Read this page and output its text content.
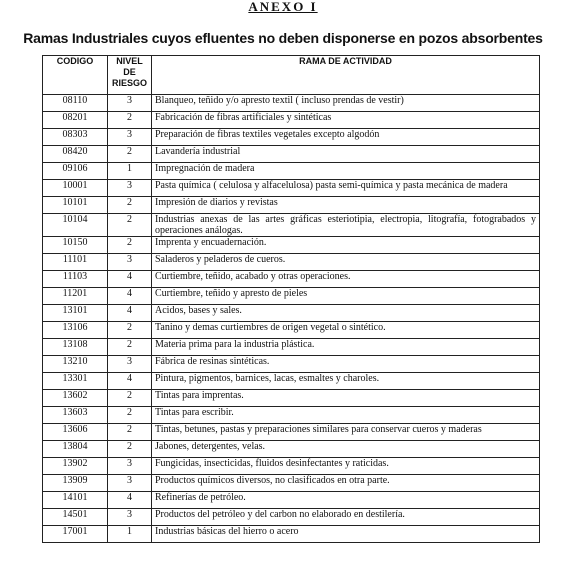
ANEXO I
Ramas Industriales cuyos efluentes no deben disponerse en pozos absorbentes
CODIGO	NIVEL DE RIESGO	RAMA DE ACTIVIDAD
08110	3	Blanqueo, teñido y/o apresto textil ( incluso prendas de vestir)
08201	2	Fabricación de fibras artificiales y sintéticas
08303	3	Preparación de fibras textiles vegetales excepto algodón
08420	2	Lavandería industrial
09106	1	Impregnación de madera
10001	3	Pasta química ( celulosa y alfacelulosa) pasta semi-química y pasta mecánica de madera
10101	2	Impresión de diarios y revistas
10104	2	Industrias anexas de las artes gráficas esteriotipia, electropia, litografía, fotograbados y operaciones análogas.
10150	2	Imprenta y encuadernación.
11101	3	Saladeros y peladeros de cueros.
11103	4	Curtiembre, teñido, acabado y otras operaciones.
11201	4	Curtiembre, teñido y apresto de pieles
13101	4	Acidos, bases y sales.
13106	2	Tanino y demas curtiembres de origen vegetal o sintético.
13108	2	Materia prima para la industria plástica.
13210	3	Fábrica de resinas sintéticas.
13301	4	Pintura, pigmentos, barnices, lacas, esmaltes y charoles.
13602	2	Tintas para imprentas.
13603	2	Tintas para escribir.
13606	2	Tintas, betunes, pastas y preparaciones similares para conservar cueros y maderas
13804	2	Jabones, detergentes, velas.
13902	3	Fungicidas, insecticidas, fluidos desinfectantes y raticidas.
13909	3	Productos químicos diversos, no clasificados en otra parte.
14101	4	Refinerías de petróleo.
14501	3	Productos del petróleo y del carbon no elaborado en destilería.
17001	1	Industrias básicas del hierro o acero
